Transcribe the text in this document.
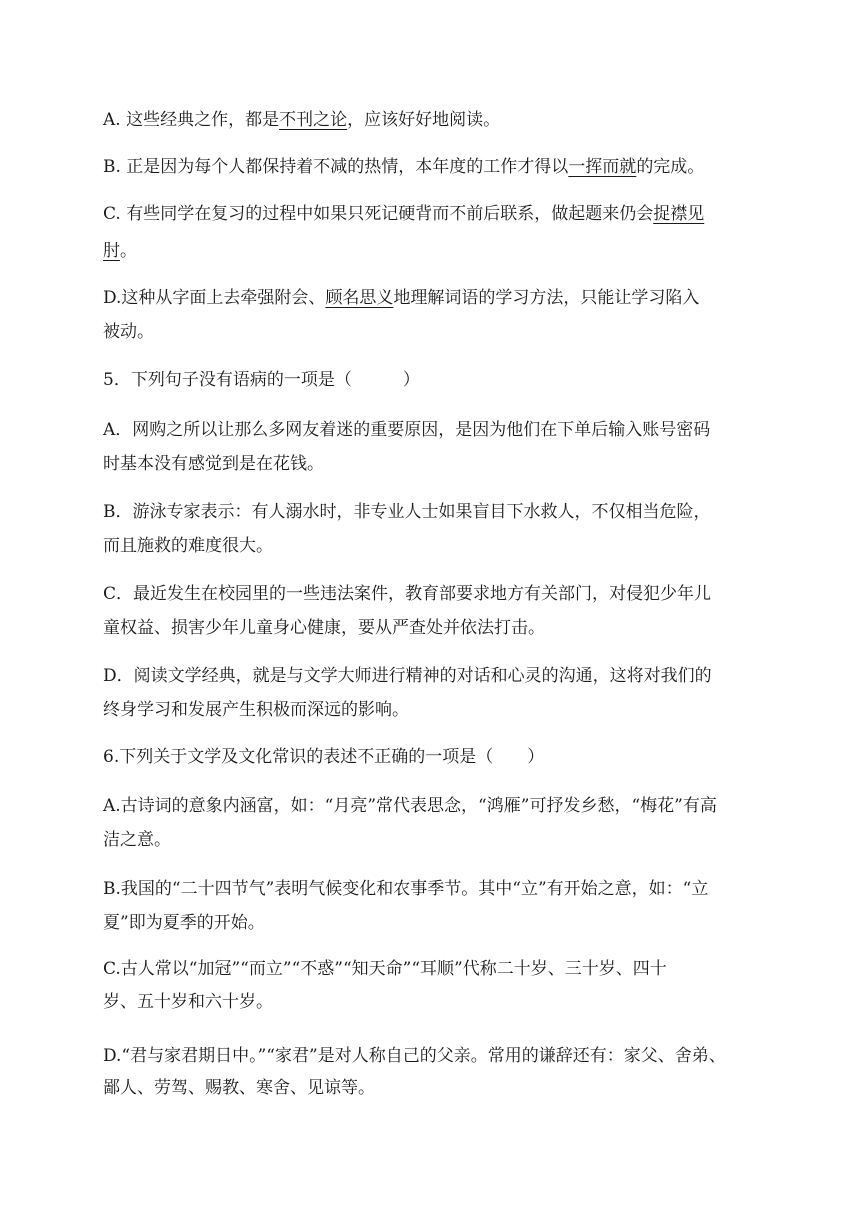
A. 这些经典之作，都是不刊之论，应该好好地阅读。
B. 正是因为每个人都保持着不减的热情，本年度的工作才得以一挥而就的完成。
C. 有些同学在复习的过程中如果只死记硬背而不前后联系，做起题来仍会捉襟见
肘。
D.这种从字面上去牵强附会、顾名思义地理解词语的学习方法，只能让学习陷入
被动。
5．下列句子没有语病的一项是（　　　）
A．网购之所以让那么多网友着迷的重要原因，是因为他们在下单后输入账号密码
时基本没有感觉到是在花钱。
B．游泳专家表示：有人溺水时，非专业人士如果盲目下水救人，不仅相当危险，
而且施救的难度很大。
C．最近发生在校园里的一些违法案件，教育部要求地方有关部门，对侵犯少年儿
童权益、损害少年儿童身心健康，要从严查处并依法打击。
D．阅读文学经典，就是与文学大师进行精神的对话和心灵的沟通，这将对我们的
终身学习和发展产生积极而深远的影响。
6.下列关于文学及文化常识的表述不正确的一项是（　　）
A.古诗词的意象内涵富，如：“月亮”常代表思念，“鸿雁”可抒发乡愁，“梅花”有高
洁之意。
B.我国的“二十四节气”表明气候变化和农事季节。其中“立”有开始之意，如：“立
夏”即为夏季的开始。
C.古人常以“加冠”“而立”“不惑”“知天命”“耳顺”代称二十岁、三十岁、四十
岁、五十岁和六十岁。
D.“君与家君期日中。”“家君”是对人称自己的父亲。常用的谦辞还有：家父、舍弟、
鄙人、劳驾、赐教、寒舍、见谅等。
